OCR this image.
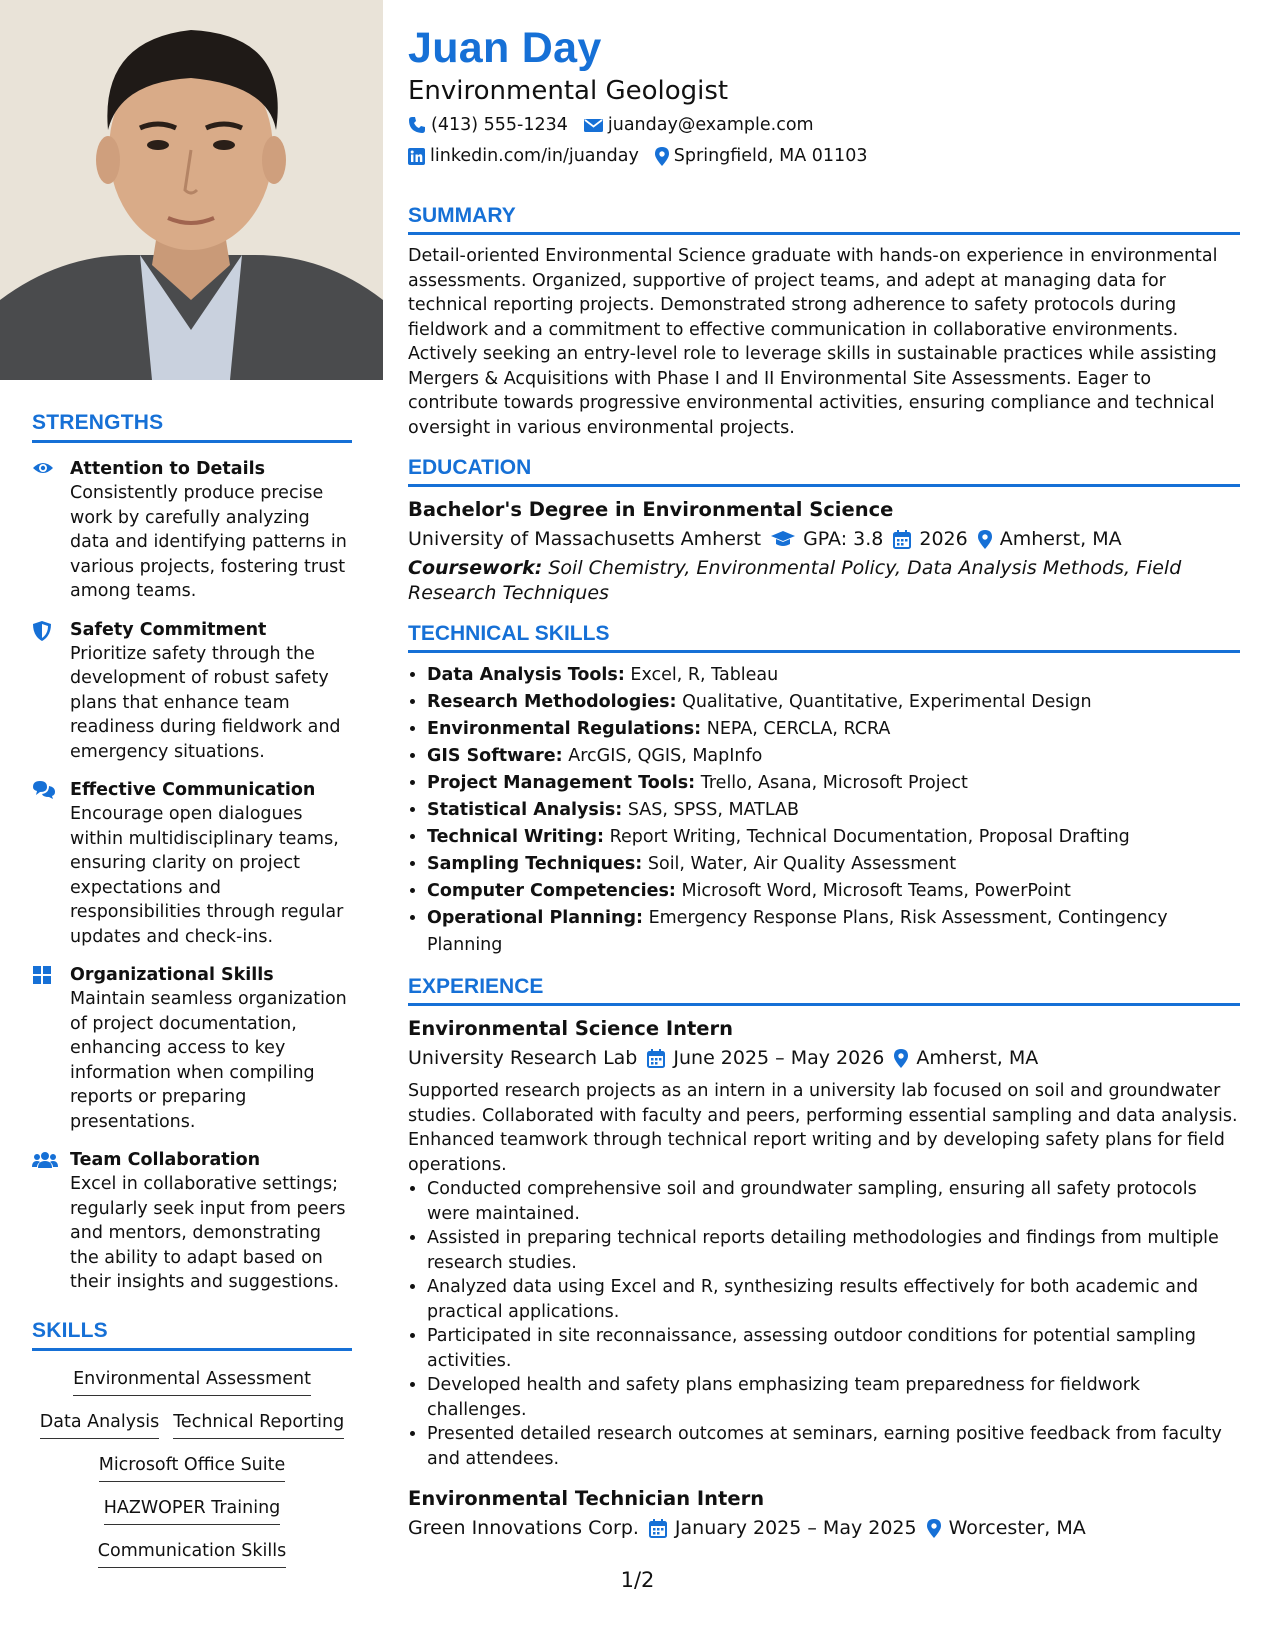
STRENGTHS
Attention to Details
Consistently produce precise work by carefully analyzing data and identifying patterns in various projects, fostering trust among teams.
Safety Commitment
Prioritize safety through the development of robust safety plans that enhance team readiness during fieldwork and emergency situations.
Effective Communication
Encourage open dialogues within multidisciplinary teams, ensuring clarity on project expectations and responsibilities through regular updates and check-ins.
Organizational Skills
Maintain seamless organization of project documentation, enhancing access to key information when compiling reports or preparing presentations.
Team Collaboration
Excel in collaborative settings; regularly seek input from peers and mentors, demonstrating the ability to adapt based on their insights and suggestions.
SKILLS
Environmental Assessment
Data Analysis Technical Reporting
Microsoft Office Suite
HAZWOPER Training
Communication Skills
Juan Day
Environmental Geologist
(413) 555-1234 juanday@example.com
linkedin.com/in/juanday Springfield, MA 01103
SUMMARY
Detail-oriented Environmental Science graduate with hands-on experience in environmental assessments. Organized, supportive of project teams, and adept at managing data for technical reporting projects. Demonstrated strong adherence to safety protocols during fieldwork and a commitment to effective communication in collaborative environments. Actively seeking an entry-level role to leverage skills in sustainable practices while assisting Mergers & Acquisitions with Phase I and II Environmental Site Assessments. Eager to contribute towards progressive environmental activities, ensuring compliance and technical oversight in various environmental projects.
EDUCATION
Bachelor's Degree in Environmental Science
University of Massachusetts Amherst GPA: 3.8 2026 Amherst, MA
Coursework: Soil Chemistry, Environmental Policy, Data Analysis Methods, Field Research Techniques
TECHNICAL SKILLS
• Data Analysis Tools: Excel, R, Tableau
• Research Methodologies: Qualitative, Quantitative, Experimental Design
• Environmental Regulations: NEPA, CERCLA, RCRA
• GIS Software: ArcGIS, QGIS, MapInfo
• Project Management Tools: Trello, Asana, Microsoft Project
• Statistical Analysis: SAS, SPSS, MATLAB
• Technical Writing: Report Writing, Technical Documentation, Proposal Drafting
• Sampling Techniques: Soil, Water, Air Quality Assessment
• Computer Competencies: Microsoft Word, Microsoft Teams, PowerPoint
• Operational Planning: Emergency Response Plans, Risk Assessment, Contingency Planning
EXPERIENCE
Environmental Science Intern
University Research Lab June 2025 – May 2026 Amherst, MA
Supported research projects as an intern in a university lab focused on soil and groundwater studies. Collaborated with faculty and peers, performing essential sampling and data analysis. Enhanced teamwork through technical report writing and by developing safety plans for field operations.
• Conducted comprehensive soil and groundwater sampling, ensuring all safety protocols were maintained.
• Assisted in preparing technical reports detailing methodologies and findings from multiple research studies.
• Analyzed data using Excel and R, synthesizing results effectively for both academic and practical applications.
• Participated in site reconnaissance, assessing outdoor conditions for potential sampling activities.
• Developed health and safety plans emphasizing team preparedness for fieldwork challenges.
• Presented detailed research outcomes at seminars, earning positive feedback from faculty and attendees.
Environmental Technician Intern
Green Innovations Corp. January 2025 – May 2025 Worcester, MA
1/2
